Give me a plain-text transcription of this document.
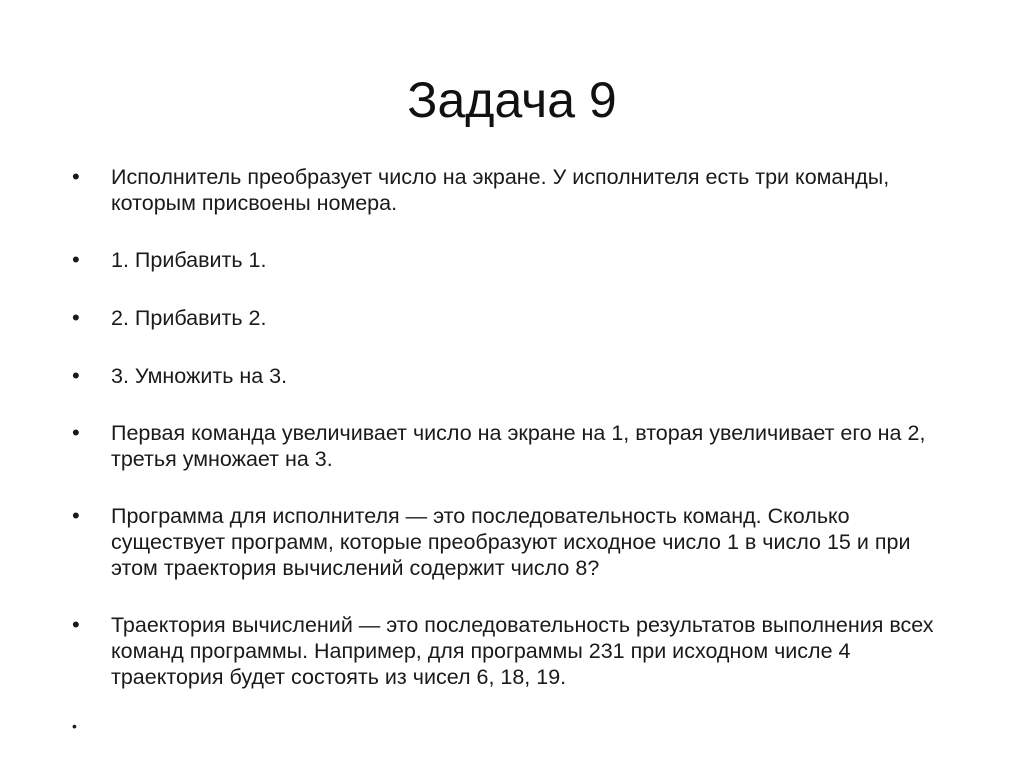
Задача 9
• Исполнитель преобразует число на экране. У исполнителя есть три команды,
которым присвоены номера.
• 1. Прибавить 1.
• 2. Прибавить 2.
• 3. Умножить на 3.
• Первая команда увеличивает число на экране на 1, вторая увеличивает его на 2,
третья умножает на 3.
• Программа для исполнителя — это последовательность команд. Сколько
существует программ, которые преобразуют исходное число 1 в число 15 и при
этом траектория вычислений содержит число 8?
• Траектория вычислений — это последовательность результатов выполнения всех
команд программы. Например, для программы 231 при исходном числе 4
траектория будет состоять из чисел 6, 18, 19.
•
